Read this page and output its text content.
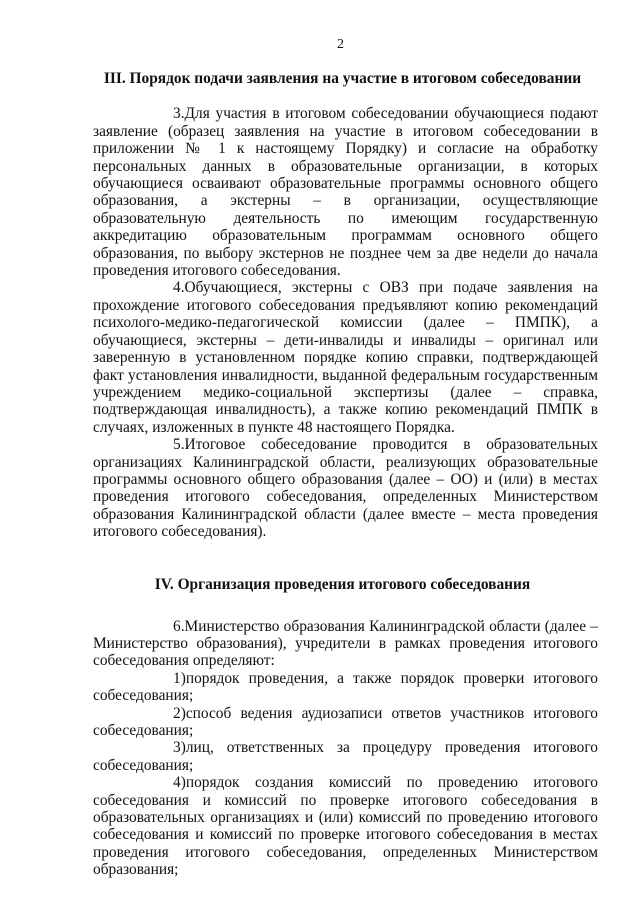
2
III. Порядок подачи заявления на участие в итоговом собеседовании

3.Для участия в итоговом собеседовании обучающиеся подают заявление (образец заявления на участие в итоговом собеседовании в приложении № 1 к настоящему Порядку) и согласие на обработку персональных данных в образовательные организации, в которых обучающиеся осваивают образовательные программы основного общего образования, а экстерны – в организации, осуществляющие образовательную деятельность по имеющим государственную аккредитацию образовательным программам основного общего образования, по выбору экстернов не позднее чем за две недели до начала проведения итогового собеседования.

4.Обучающиеся, экстерны с ОВЗ при подаче заявления на прохождение итогового собеседования предъявляют копию рекомендаций психолого-медико-педагогической комиссии (далее – ПМПК), а обучающиеся, экстерны – дети-инвалиды и инвалиды – оригинал или заверенную в установленном порядке копию справки, подтверждающей факт установления инвалидности, выданной федеральным государственным учреждением медико-социальной экспертизы (далее – справка, подтверждающая инвалидность), а также копию рекомендаций ПМПК в случаях, изложенных в пункте 48 настоящего Порядка.

5.Итоговое собеседование проводится в образовательных организациях Калининградской области, реализующих образовательные программы основного общего образования (далее – ОО) и (или) в местах проведения итогового собеседования, определенных Министерством образования Калининградской области (далее вместе – места проведения итогового собеседования).

IV. Организация проведения итогового собеседования

6.Министерство образования Калининградской области (далее – Министерство образования), учредители в рамках проведения итогового собеседования определяют:

1)порядок проведения, а также порядок проверки итогового собеседования;

2)способ ведения аудиозаписи ответов участников итогового собеседования;

3)лиц, ответственных за процедуру проведения итогового собеседования;

4)порядок создания комиссий по проведению итогового собеседования и комиссий по проверке итогового собеседования в образовательных организациях и (или) комиссий по проведению итогового собеседования и комиссий по проверке итогового собеседования в местах проведения итогового собеседования, определенных Министерством образования;
